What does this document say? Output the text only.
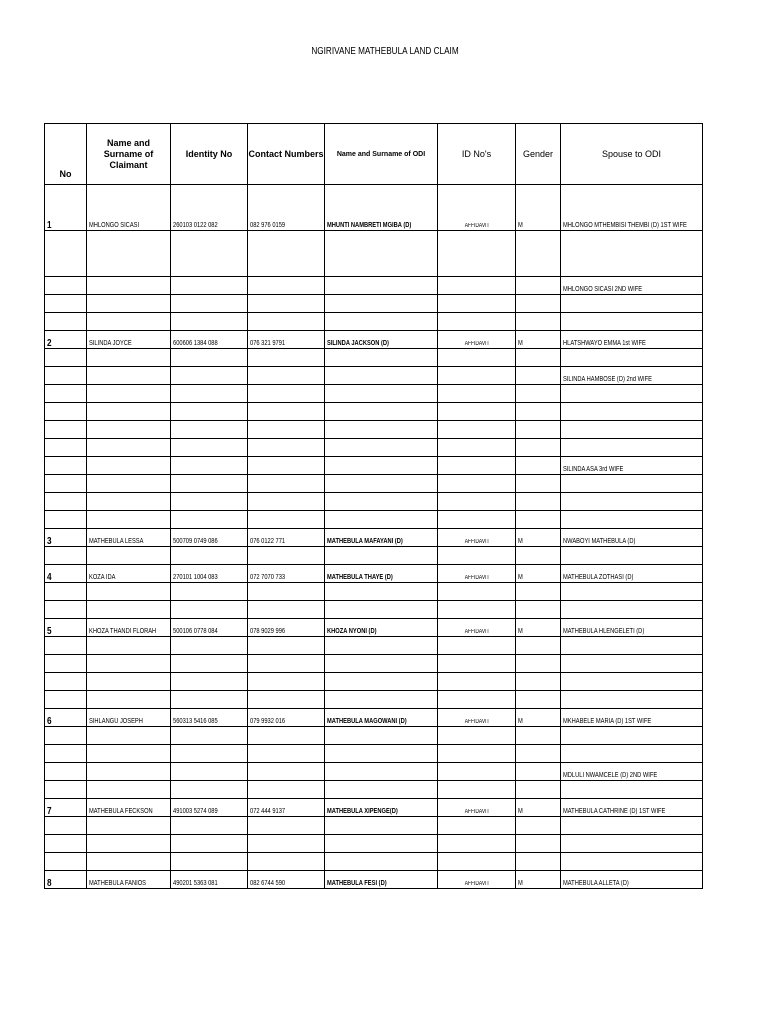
NGIRIVANE MATHEBULA LAND CLAIM
No	Name and Surname of Claimant	Identity No	Contact Numbers	Name and Surname of ODI	ID No's	Gender	Spouse to ODI
1	MHLONGO SICASI	260103 0122 082	082 976 0159	MHUNTI NAMBRETI MGIBA (D)	AFFIDAVIT	M	MHLONGO MTHEMBISI THEMBI (D) 1ST WIFE

							MHLONGO SICASI 2ND WIFE

2	SILINDA JOYCE	600606 1384 088	076 321 9791	SILINDA JACKSON (D)	AFFIDAVIT	M	HLATSHWAYO EMMA 1st WIFE

							SILINDA HAMBOSE (D) 2nd WIFE

							SILINDA ASA 3rd WIFE

3	MATHEBULA LESSA	500709 0749 086	076 0122 771	MATHEBULA MAFAYANI (D)	AFFIDAVIT	M	NWABOYI MATHEBULA (D)

4	KOZA IDA	270101 1004 083	072 7070 733	MATHEBULA THAYE (D)	AFFIDAVIT	M	MATHEBULA ZOTHASI (D)

5	KHOZA THANDI FLORAH	500106 0778 084	078 9029 996	KHOZA NYONI (D)	AFFIDAVIT	M	MATHEBULA HLENGELETI (D)

6	SIHLANGU JOSEPH	560313 5416 085	079 9932 016	MATHEBULA MAGOWANI (D)	AFFIDAVIT	M	MKHABELE MARIA (D) 1ST WIFE

							MDLULI NWAMCELE (D) 2ND WIFE

7	MATHEBULA FECKSON	491003 5274 089	072 444 9137	MATHEBULA XIPENGE(D)	AFFIDAVIT	M	MATHEBULA CATHRINE (D) 1ST WIFE

8	MATHEBULA FANIOS	490201 5363 081	082 6744 590	MATHEBULA FESI (D)	AFFIDAVIT	M	MATHEBULA ALLETA (D)
